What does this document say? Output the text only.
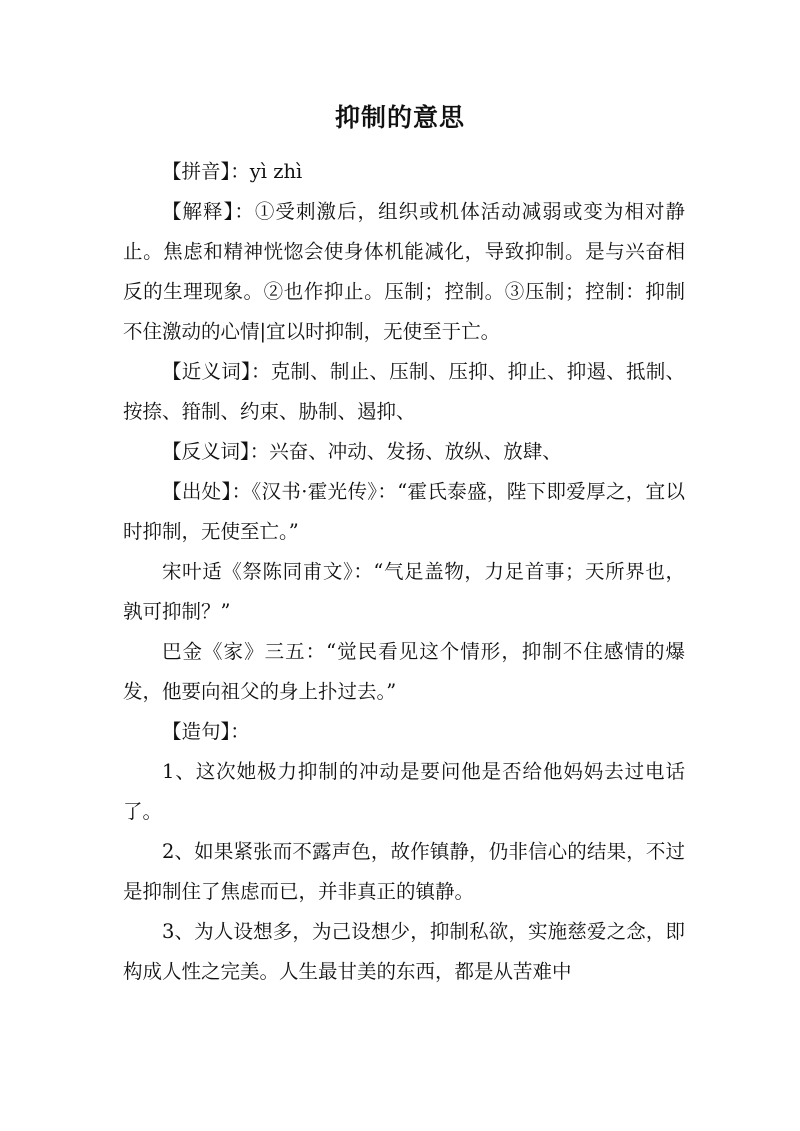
抑制的意思

【拼音】：yì zhì

【解释】：①受刺激后，组织或机体活动减弱或变为相对静止。焦虑和精神恍惚会使身体机能减化，导致抑制。是与兴奋相反的生理现象。②也作抑止。压制；控制。③压制；控制：抑制不住激动的心情|宜以时抑制，无使至于亡。

【近义词】：克制、制止、压制、压抑、抑止、抑遏、抵制、按捺、箝制、约束、胁制、遏抑、

【反义词】：兴奋、冲动、发扬、放纵、放肆、

【出处】：《汉书·霍光传》：“霍氏泰盛，陛下即爱厚之，宜以时抑制，无使至亡。”

宋叶适《祭陈同甫文》：“气足盖物，力足首事；天所界也，孰可抑制？”

巴金《家》三五：“觉民看见这个情形，抑制不住感情的爆发，他要向祖父的身上扑过去。”

【造句】：

1、这次她极力抑制的冲动是要问他是否给他妈妈去过电话了。

2、如果紧张而不露声色，故作镇静，仍非信心的结果，不过是抑制住了焦虑而已，并非真正的镇静。

3、为人设想多，为己设想少，抑制私欲，实施慈爱之念，即构成人性之完美。人生最甘美的东西，都是从苦难中
